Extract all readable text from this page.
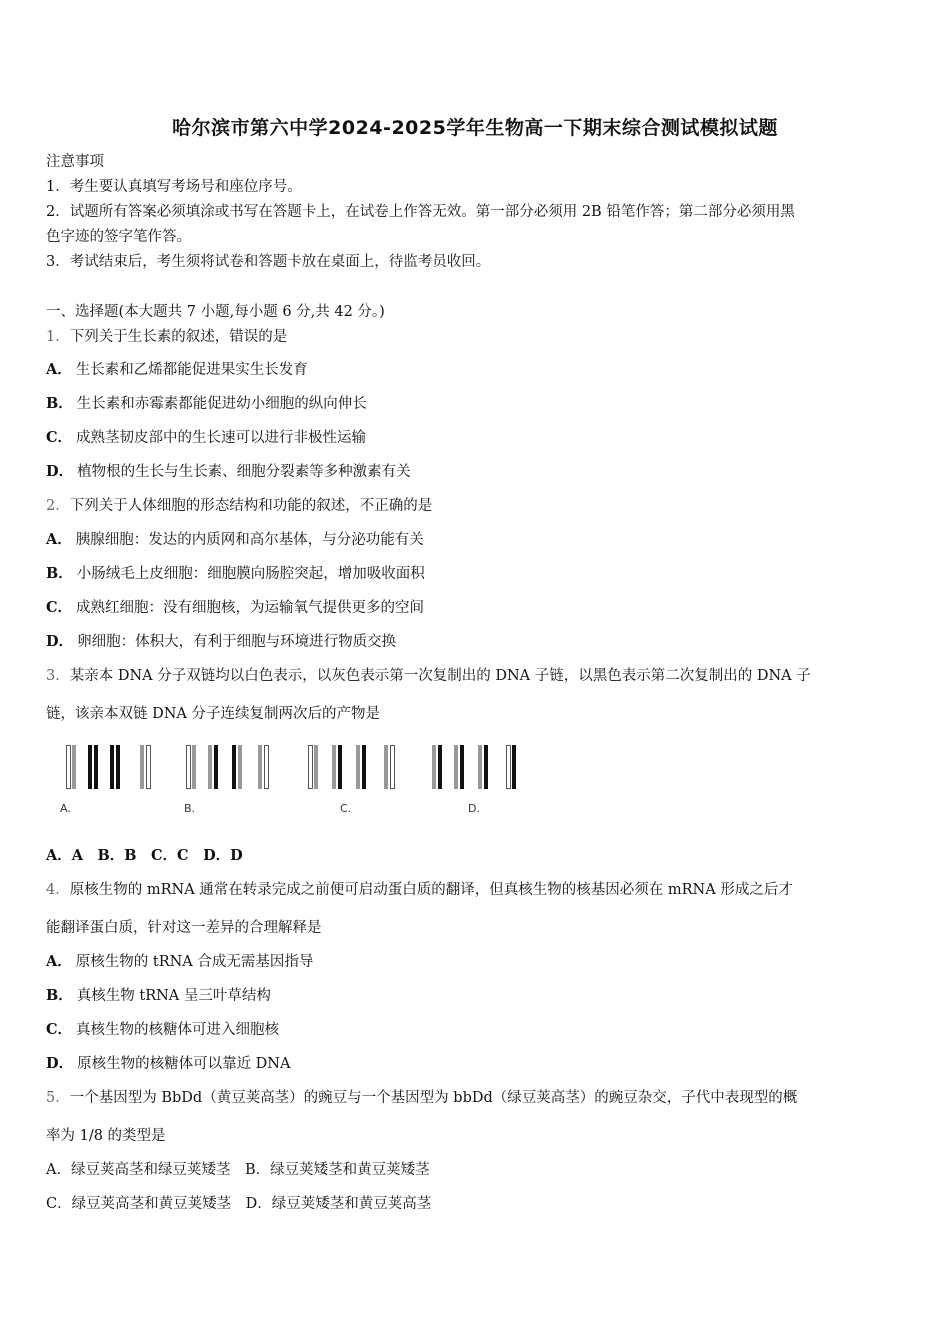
哈尔滨市第六中学2024-2025学年生物高一下期末综合测试模拟试题
注意事项
1．考生要认真填写考场号和座位序号。
2．试题所有答案必须填涂或书写在答题卡上，在试卷上作答无效。第一部分必须用 2B 铅笔作答；第二部分必须用黑
色字迹的签字笔作答。
3．考试结束后，考生须将试卷和答题卡放在桌面上，待监考员收回。
一、选择题(本大题共 7 小题,每小题 6 分,共 42 分。)
1．下列关于生长素的叙述，错误的是
A． 生长素和乙烯都能促进果实生长发育
B． 生长素和赤霉素都能促进幼小细胞的纵向伸长
C． 成熟茎韧皮部中的生长速可以进行非极性运输
D． 植物根的生长与生长素、细胞分裂素等多种激素有关
2．下列关于人体细胞的形态结构和功能的叙述，不正确的是
A． 胰腺细胞：发达的内质网和高尔基体，与分泌功能有关
B． 小肠绒毛上皮细胞：细胞膜向肠腔突起，增加吸收面积
C． 成熟红细胞：没有细胞核，为运输氧气提供更多的空间
D． 卵细胞：体积大，有利于细胞与环境进行物质交换
3．某亲本 DNA 分子双链均以白色表示，以灰色表示第一次复制出的 DNA 子链，以黑色表示第二次复制出的 DNA 子
链，该亲本双链 DNA 分子连续复制两次后的产物是
A.	B.	C.	D.
A．A　B．B　C．C　D．D
4．原核生物的 mRNA 通常在转录完成之前便可启动蛋白质的翻译，但真核生物的核基因必须在 mRNA 形成之后才
能翻译蛋白质，针对这一差异的合理解释是
A． 原核生物的 tRNA 合成无需基因指导
B． 真核生物 tRNA 呈三叶草结构
C． 真核生物的核糖体可进入细胞核
D． 原核生物的核糖体可以靠近 DNA
5．一个基因型为 BbDd（黄豆荚高茎）的豌豆与一个基因型为 bbDd（绿豆荚高茎）的豌豆杂交，子代中表现型的概
率为 1/8 的类型是
A．绿豆荚高茎和绿豆荚矮茎　B．绿豆荚矮茎和黄豆荚矮茎
C．绿豆荚高茎和黄豆荚矮茎　D．绿豆荚矮茎和黄豆荚高茎
